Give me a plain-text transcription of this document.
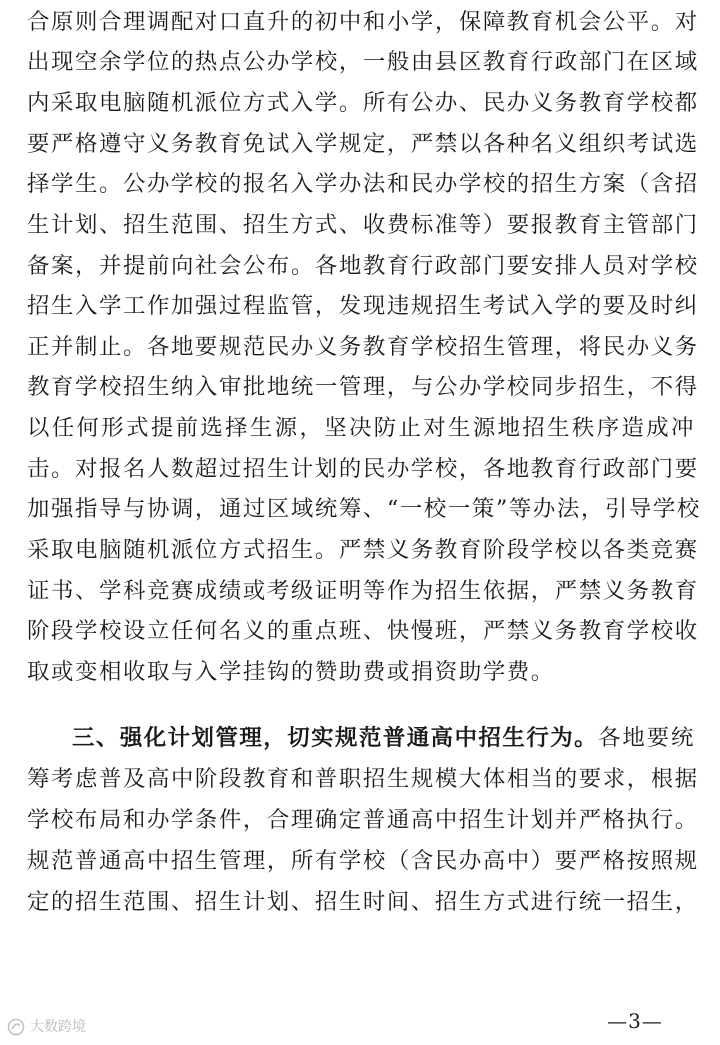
合原则合理调配对口直升的初中和小学，保障教育机会公平。对
出现空余学位的热点公办学校，一般由县区教育行政部门在区域
内采取电脑随机派位方式入学。所有公办、民办义务教育学校都
要严格遵守义务教育免试入学规定，严禁以各种名义组织考试选
择学生。公办学校的报名入学办法和民办学校的招生方案（含招
生计划、招生范围、招生方式、收费标准等）要报教育主管部门
备案，并提前向社会公布。各地教育行政部门要安排人员对学校
招生入学工作加强过程监管，发现违规招生考试入学的要及时纠
正并制止。各地要规范民办义务教育学校招生管理，将民办义务
教育学校招生纳入审批地统一管理，与公办学校同步招生，不得
以任何形式提前选择生源，坚决防止对生源地招生秩序造成冲
击。对报名人数超过招生计划的民办学校，各地教育行政部门要
加强指导与协调，通过区域统筹、“一校一策”等办法，引导学校
采取电脑随机派位方式招生。严禁义务教育阶段学校以各类竞赛
证书、学科竞赛成绩或考级证明等作为招生依据，严禁义务教育
阶段学校设立任何名义的重点班、快慢班，严禁义务教育学校收
取或变相收取与入学挂钩的赞助费或捐资助学费。
三、强化计划管理，切实规范普通高中招生行为。各地要统
筹考虑普及高中阶段教育和普职招生规模大体相当的要求，根据
学校布局和办学条件，合理确定普通高中招生计划并严格执行。
规范普通高中招生管理，所有学校（含民办高中）要严格按照规
定的招生范围、招生计划、招生时间、招生方式进行统一招生，
大数跨境	—3—
